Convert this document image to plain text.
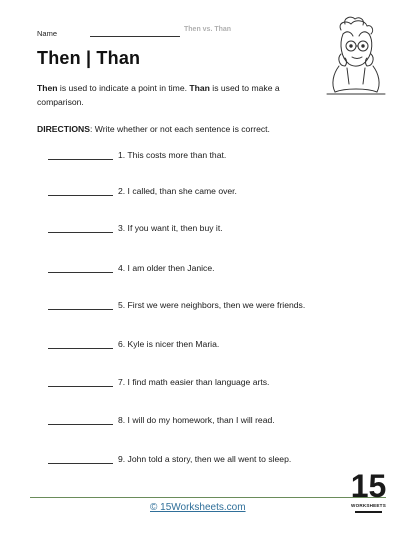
Name	Then vs. Than
Then | Than
Then is used to indicate a point in time. Than is used to make a comparison.
DIRECTIONS: Write whether or not each sentence is correct.
1. This costs more than that.
2. I called, than she came over.
3. If you want it, then buy it.
4. I am older then Janice.
5. First we were neighbors, then we were friends.
6. Kyle is nicer then Maria.
7. I find math easier than language arts.
8. I will do my homework, than I will read.
9. John told a story, then we all went to sleep.
© 15Worksheets.com
15
WORKSHEETS
